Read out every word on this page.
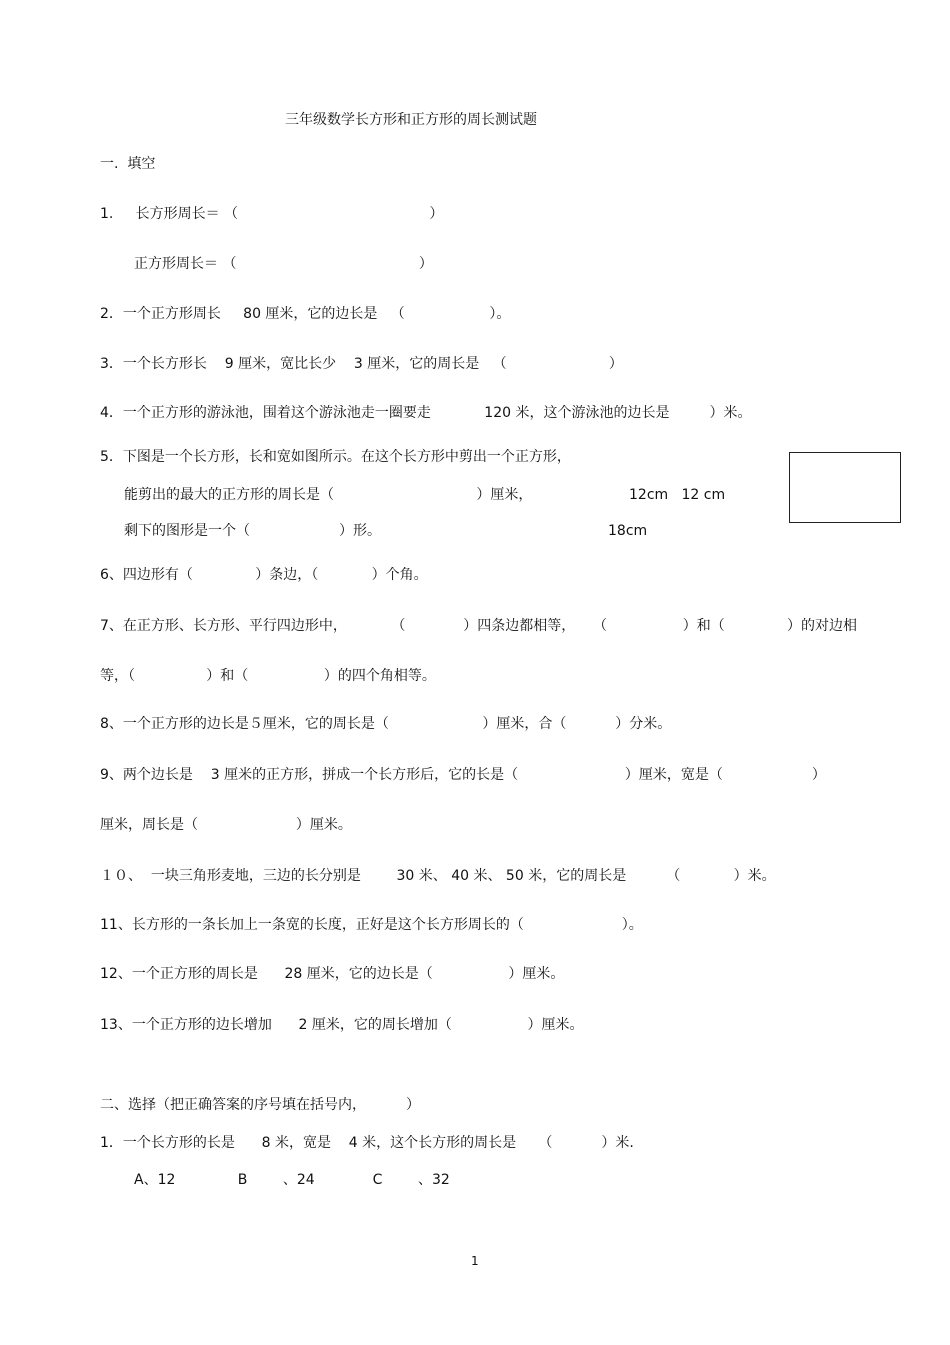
三年级数学长方形和正方形的周长测试题
一.  填空
1.     长方形周长＝ （                                           ）
正方形周长＝ （                                         ）
2．一个正方形周长     80 厘米，它的边长是   （                   ）。
3．一个长方形长    9 厘米，宽比长少    3 厘米，它的周长是   （                       ）
4．一个正方形的游泳池，围着这个游泳池走一圈要走            120 米，这个游泳池的边长是         ）米。
5．下图是一个长方形，长和宽如图所示。在这个长方形中剪出一个正方形，
能剪出的最大的正方形的周长是（                                ）厘米，	12cm   12 cm
剩下的图形是一个（                    ）形。	18cm
6、四边形有（              ）条边，（            ）个角。
7、在正方形、长方形、平行四边形中，          （             ）四条边都相等，    （                 ）和（              ）的对边相
等，（                ）和（                 ）的四个角相等。
8、一个正方形的边长是５厘米，它的周长是（                     ）厘米，合（           ）分米。
9、两个边长是    3 厘米的正方形，拼成一个长方形后，它的长是（                        ）厘米，宽是（                    ）
厘米，周长是（                      ）厘米。
１０、  一块三角形麦地，三边的长分别是        30 米、 40 米、 50 米，它的周长是         （            ）米。
11、长方形的一条长加上一条宽的长度，正好是这个长方形周长的（                      ）。
12、一个正方形的周长是      28 厘米，它的边长是（                 ）厘米。
13、一个正方形的边长增加      2 厘米，它的周长增加（                 ）厘米。
二、选择（把正确答案的序号填在括号内，         ）
1．一个长方形的长是      8 米，宽是    4 米，这个长方形的周长是     （           ）米.
A、12              B        、24             C        、32
1
